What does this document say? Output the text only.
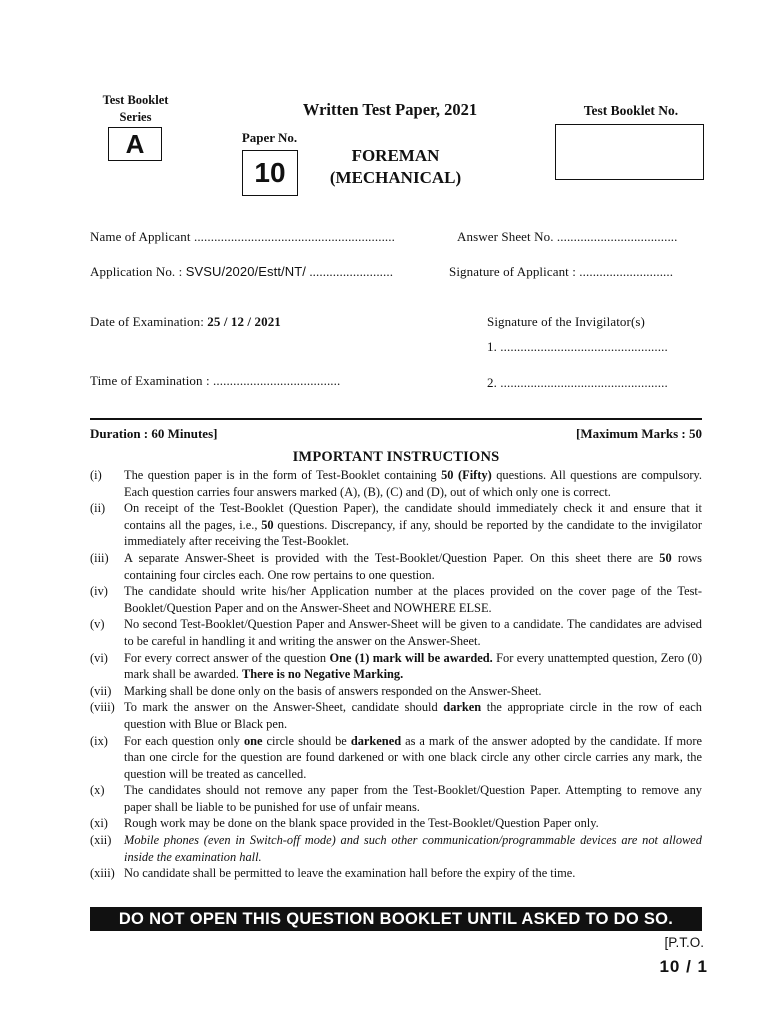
Test Booklet
Series
A
Written Test Paper, 2021	Test Booklet No.
Paper No.
10
FOREMAN
(MECHANICAL)
Name of Applicant ............................................................	Answer Sheet No. ....................................
Application No. : SVSU/2020/Estt/NT/ .........................	Signature of Applicant : ............................
Date of Examination: 25 / 12 / 2021	Signature of the Invigilator(s)
1. ..................................................
Time of Examination : ......................................	2. ..................................................
Duration : 60 Minutes]	[Maximum Marks : 50
IMPORTANT INSTRUCTIONS
(i)	The question paper is in the form of Test-Booklet containing 50 (Fifty) questions. All questions are compulsory. Each question carries four answers marked (A), (B), (C) and (D), out of which only one is correct.
(ii)	On receipt of the Test-Booklet (Question Paper), the candidate should immediately check it and ensure that it contains all the pages, i.e., 50 questions. Discrepancy, if any, should be reported by the candidate to the invigilator immediately after receiving the Test-Booklet.
(iii)	A separate Answer-Sheet is provided with the Test-Booklet/Question Paper. On this sheet there are 50 rows containing four circles each. One row pertains to one question.
(iv)	The candidate should write his/her Application number at the places provided on the cover page of the Test-Booklet/Question Paper and on the Answer-Sheet and NOWHERE ELSE.
(v)	No second Test-Booklet/Question Paper and Answer-Sheet will be given to a candidate. The candidates are advised to be careful in handling it and writing the answer on the Answer-Sheet.
(vi)	For every correct answer of the question One (1) mark will be awarded. For every unattempted question, Zero (0) mark shall be awarded. There is no Negative Marking.
(vii)	Marking shall be done only on the basis of answers responded on the Answer-Sheet.
(viii) To mark the answer on the Answer-Sheet, candidate should darken the appropriate circle in the row of each question with Blue or Black pen.
(ix)	For each question only one circle should be darkened as a mark of the answer adopted by the candidate. If more than one circle for the question are found darkened or with one black circle any other circle carries any mark, the question will be treated as cancelled.
(x)	The candidates should not remove any paper from the Test-Booklet/Question Paper. Attempting to remove any paper shall be liable to be punished for use of unfair means.
(xi)	Rough work may be done on the blank space provided in the Test-Booklet/Question Paper only.
(xii)	Mobile phones (even in Switch-off mode) and such other communication/programmable devices are not allowed inside the examination hall.
(xiii) No candidate shall be permitted to leave the examination hall before the expiry of the time.
DO NOT OPEN THIS QUESTION BOOKLET UNTIL ASKED TO DO SO.
[P.T.O.
10 / 1
